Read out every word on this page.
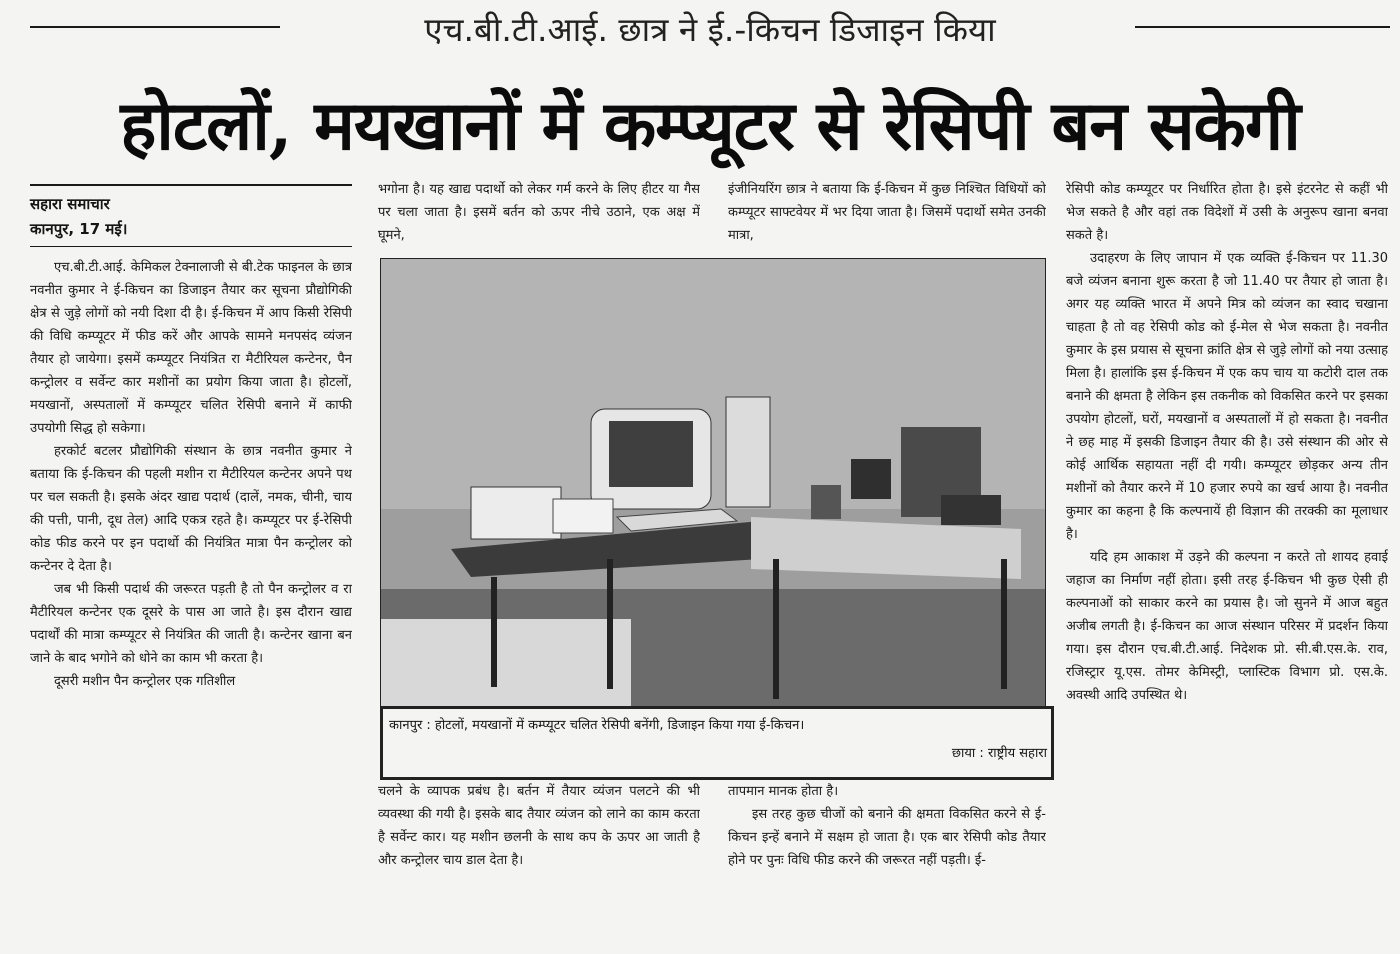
एच.बी.टी.आई. छात्र ने ई.-किचन डिजाइन किया
होटलों, मयखानों में कम्प्यूटर से रेसिपी बन सकेगी
सहारा समाचार
कानपुर, 17 मई।

एच.बी.टी.आई. केमिकल टेक्नालाजी से बी.टेक फाइनल के छात्र नवनीत कुमार ने ई-किचन का डिजाइन तैयार कर सूचना प्रौद्योगिकी क्षेत्र से जुड़े लोगों को नयी दिशा दी है। ई-किचन में आप किसी रेसिपी की विधि कम्प्यूटर में फीड करें और आपके सामने मनपसंद व्यंजन तैयार हो जायेगा। इसमें कम्प्यूटर नियंत्रित रा मैटीरियल कन्टेनर, पैन कन्ट्रोलर व सर्वेन्ट कार मशीनों का प्रयोग किया जाता है। होटलों, मयखानों, अस्पतालों में कम्प्यूटर चलित रेसिपी बनाने में काफी उपयोगी सिद्ध हो सकेगा।

हरकोर्ट बटलर प्रौद्योगिकी संस्थान के छात्र नवनीत कुमार ने बताया कि ई-किचन की पहली मशीन रा मैटीरियल कन्टेनर अपने पथ पर चल सकती है। इसके अंदर खाद्य पदार्थ (दालें, नमक, चीनी, चाय की पत्ती, पानी, दूध तेल) आदि एकत्र रहते है। कम्प्यूटर पर ई-रेसिपी कोड फीड करने पर इन पदार्थो की नियंत्रित मात्रा पैन कन्ट्रोलर को कन्टेनर दे देता है।

जब भी किसी पदार्थ की जरूरत पड़ती है तो पैन कन्ट्रोलर व रा मैटीरियल कन्टेनर एक दूसरे के पास आ जाते है। इस दौरान खाद्य पदार्थों की मात्रा कम्प्यूटर से नियंत्रित की जाती है। कन्टेनर खाना बन जाने के बाद भगोने को धोने का काम भी करता है।

दूसरी मशीन पैन कन्ट्रोलर एक गतिशील

भगोना है। यह खाद्य पदार्थो को लेकर गर्म करने के लिए हीटर या गैस पर चला जाता है। इसमें बर्तन को ऊपर नीचे उठाने, एक अक्ष में घूमने,

इंजीनियरिंग छात्र ने बताया कि ई-किचन में कुछ निश्चित विधियों को कम्प्यूटर साफ्टवेयर में भर दिया जाता है। जिसमें पदार्थो समेत उनकी मात्रा,

कानपुर : होटलों, मयखानों में कम्प्यूटर चलित रेसिपी बनेंगी, डिजाइन किया गया ई-किचन।
छाया : राष्ट्रीय सहारा

चलने के व्यापक प्रबंध है। बर्तन में तैयार व्यंजन पलटने की भी व्यवस्था की गयी है। इसके बाद तैयार व्यंजन को लाने का काम करता है सर्वेन्ट कार। यह मशीन छलनी के साथ कप के ऊपर आ जाती है और कन्ट्रोलर चाय डाल देता है।

तापमान मानक होता है।

इस तरह कुछ चीजों को बनाने की क्षमता विकसित करने से ई-किचन इन्हें बनाने में सक्षम हो जाता है। एक बार रेसिपी कोड तैयार होने पर पुनः विधि फीड करने की जरूरत नहीं पड़ती। ई-

रेसिपी कोड कम्प्यूटर पर निर्धारित होता है। इसे इंटरनेट से कहीं भी भेज सकते है और वहां तक विदेशों में उसी के अनुरूप खाना बनवा सकते है।

उदाहरण के लिए जापान में एक व्यक्ति ई-किचन पर 11.30 बजे व्यंजन बनाना शुरू करता है जो 11.40 पर तैयार हो जाता है। अगर यह व्यक्ति भारत में अपने मित्र को व्यंजन का स्वाद चखाना चाहता है तो वह रेसिपी कोड को ई-मेल से भेज सकता है। नवनीत कुमार के इस प्रयास से सूचना क्रांति क्षेत्र से जुड़े लोगों को नया उत्साह मिला है। हालांकि इस ई-किचन में एक कप चाय या कटोरी दाल तक बनाने की क्षमता है लेकिन इस तकनीक को विकसित करने पर इसका उपयोग होटलों, घरों, मयखानों व अस्पतालों में हो सकता है। नवनीत ने छह माह में इसकी डिजाइन तैयार की है। उसे संस्थान की ओर से कोई आर्थिक सहायता नहीं दी गयी। कम्प्यूटर छोड़कर अन्य तीन मशीनों को तैयार करने में 10 हजार रुपये का खर्च आया है। नवनीत कुमार का कहना है कि कल्पनायें ही विज्ञान की तरक्की का मूलाधार है।

यदि हम आकाश में उड़ने की कल्पना न करते तो शायद हवाई जहाज का निर्माण नहीं होता। इसी तरह ई-किचन भी कुछ ऐसी ही कल्पनाओं को साकार करने का प्रयास है। जो सुनने में आज बहुत अजीब लगती है। ई-किचन का आज संस्थान परिसर में प्रदर्शन किया गया। इस दौरान एच.बी.टी.आई. निदेशक प्रो. सी.बी.एस.के. राव, रजिस्ट्रार यू.एस. तोमर केमिस्ट्री, प्लास्टिक विभाग प्रो. एस.के. अवस्थी आदि उपस्थित थे।
